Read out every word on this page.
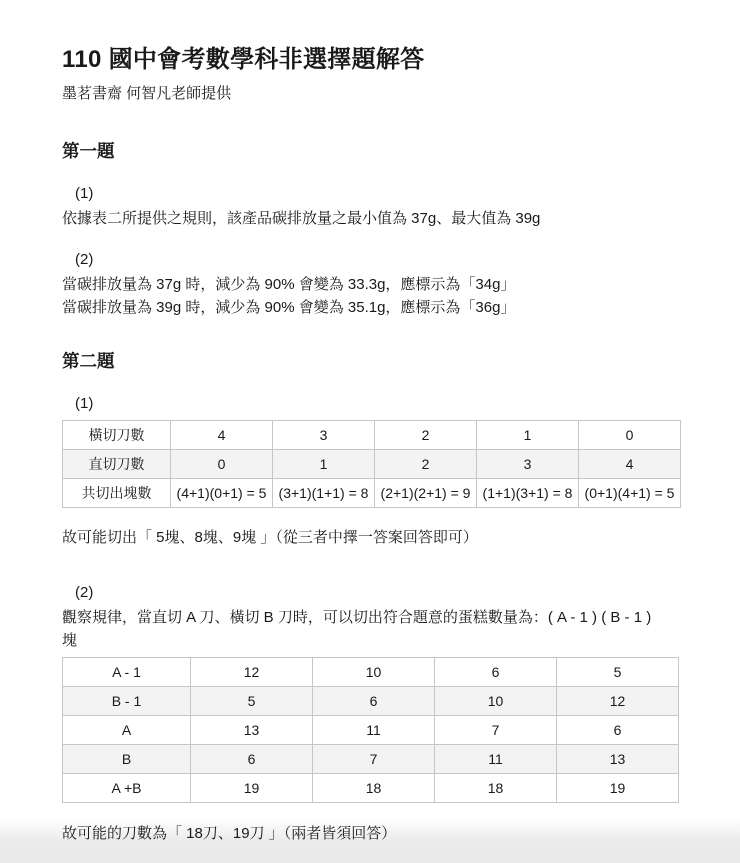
110 國中會考數學科非選擇題解答

墨茗書齋 何智凡老師提供

第一題

(1)

依據表二所提供之規則，該產品碳排放量之最小值為 37g、最大值為 39g

(2)

當碳排放量為 37g 時，減少為 90% 會變為 33.3g，應標示為「34g」

當碳排放量為 39g 時，減少為 90% 會變為 35.1g，應標示為「36g」

第二題

(1)

橫切刀數	4	3	2	1	0
直切刀數	0	1	2	3	4
共切出塊數	(4+1)(0+1) = 5	(3+1)(1+1) = 8	(2+1)(2+1) = 9	(1+1)(3+1) = 8	(0+1)(4+1) = 5

故可能切出「 5塊、8塊、9塊 」（從三者中擇一答案回答即可）

(2)

觀察規律，當直切 A 刀、橫切 B 刀時，可以切出符合題意的蛋糕數量為：( A - 1 ) ( B - 1 )

塊

A - 1	12	10	6	5
B - 1	5	6	10	12
A	13	11	7	6
B	6	7	11	13
A +B	19	18	18	19

故可能的刀數為「 18刀、19刀 」（兩者皆須回答）
